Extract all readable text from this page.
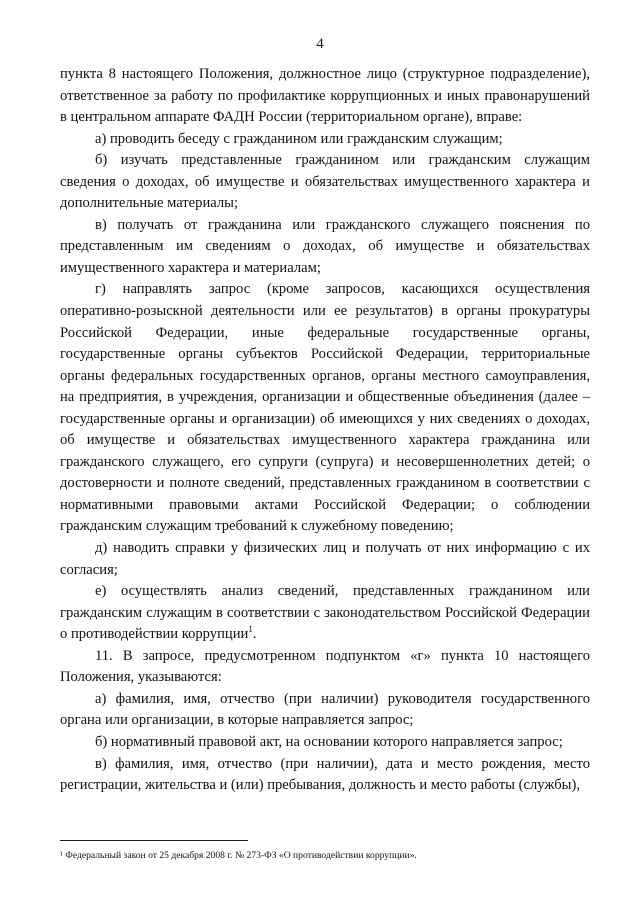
4

пункта 8 настоящего Положения, должностное лицо (структурное подразделение), ответственное за работу по профилактике коррупционных и иных правонарушений в центральном аппарате ФАДН России (территориальном органе), вправе:

а) проводить беседу с гражданином или гражданским служащим;

б) изучать представленные гражданином или гражданским служащим сведения о доходах, об имуществе и обязательствах имущественного характера и дополнительные материалы;

в) получать от гражданина или гражданского служащего пояснения по представленным им сведениям о доходах, об имуществе и обязательствах имущественного характера и материалам;

г) направлять запрос (кроме запросов, касающихся осуществления оперативно-розыскной деятельности или ее результатов) в органы прокуратуры Российской Федерации, иные федеральные государственные органы, государственные органы субъектов Российской Федерации, территориальные органы федеральных государственных органов, органы местного самоуправления, на предприятия, в учреждения, организации и общественные объединения (далее – государственные органы и организации) об имеющихся у них сведениях о доходах, об имуществе и обязательствах имущественного характера гражданина или гражданского служащего, его супруги (супруга) и несовершеннолетних детей; о достоверности и полноте сведений, представленных гражданином в соответствии с нормативными правовыми актами Российской Федерации; о соблюдении гражданским служащим требований к служебному поведению;

д) наводить справки у физических лиц и получать от них информацию с их согласия;

е) осуществлять анализ сведений, представленных гражданином или гражданским служащим в соответствии с законодательством Российской Федерации о противодействии коррупции$^1$.

11. В запросе, предусмотренном подпунктом «г» пункта 10 настоящего Положения, указываются:

а) фамилия, имя, отчество (при наличии) руководителя государственного органа или организации, в которые направляется запрос;

б) нормативный правовой акт, на основании которого направляется запрос;

в) фамилия, имя, отчество (при наличии), дата и место рождения, место регистрации, жительства и (или) пребывания, должность и место работы (службы),

¹ Федеральный закон от 25 декабря 2008 г. № 273-ФЗ «О противодействии коррупции».
